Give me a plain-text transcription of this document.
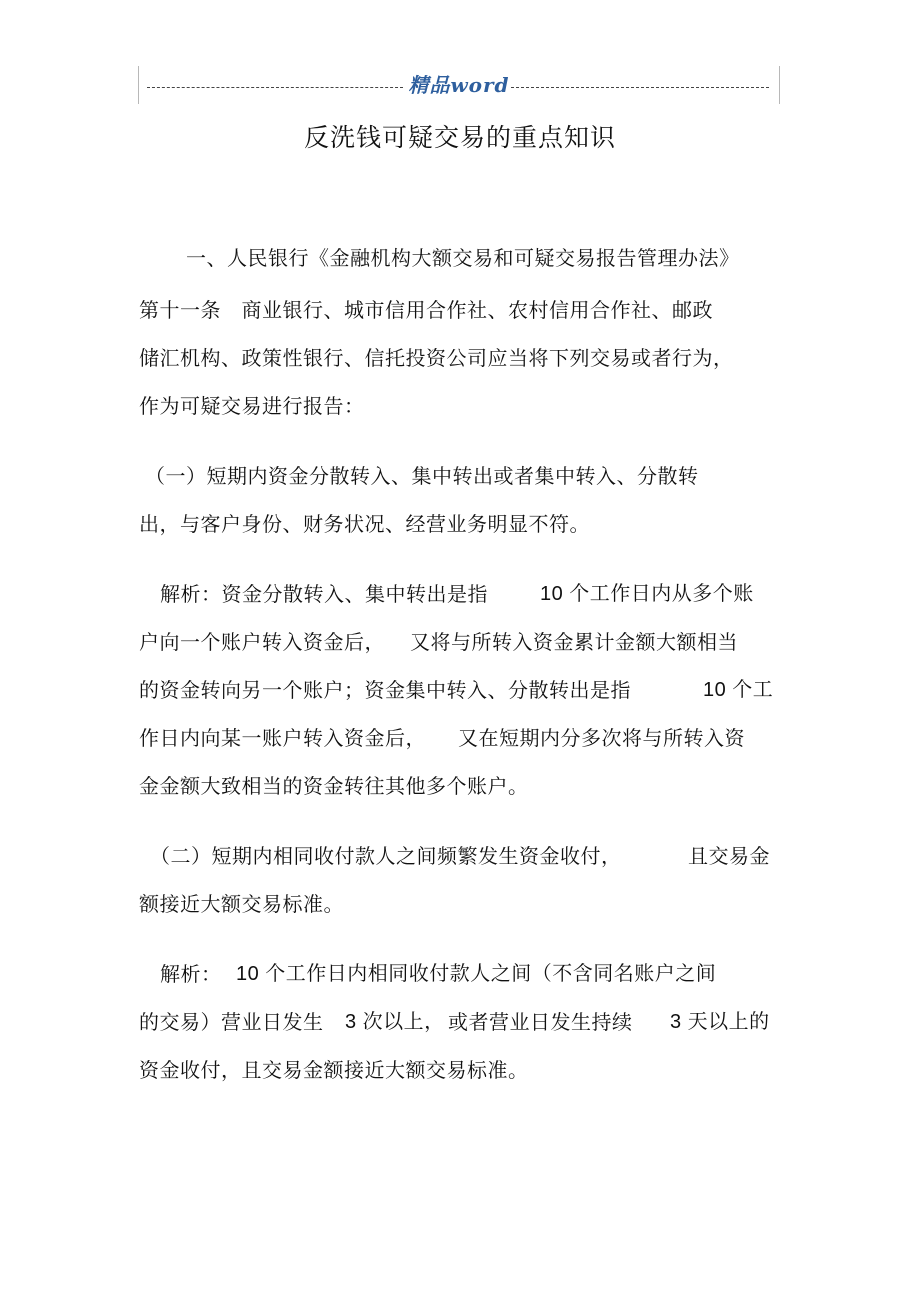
精品word
反洗钱可疑交易的重点知识
一、人民银行《金融机构大额交易和可疑交易报告管理办法》
第十一条　商业银行、城市信用合作社、农村信用合作社、邮政
储汇机构、政策性银行、信托投资公司应当将下列交易或者行为，
作为可疑交易进行报告：
（一）短期内资金分散转入、集中转出或者集中转入、分散转
出，与客户身份、财务状况、经营业务明显不符。
解析：资金分散转入、集中转出是指	10 个工作日内从多个账
户向一个账户转入资金后， 又将与所转入资金累计金额大额相当
的资金转向另一个账户；资金集中转入、分散转出是指	10 个工
作日内向某一账户转入资金后， 又在短期内分多次将与所转入资
金金额大致相当的资金转往其他多个账户。
（二）短期内相同收付款人之间频繁发生资金收付，	且交易金
额接近大额交易标准。
解析： 10 个工作日内相同收付款人之间（不含同名账户之间
的交易）营业日发生 3 次以上， 或者营业日发生持续 3 天以上的
资金收付，且交易金额接近大额交易标准。
